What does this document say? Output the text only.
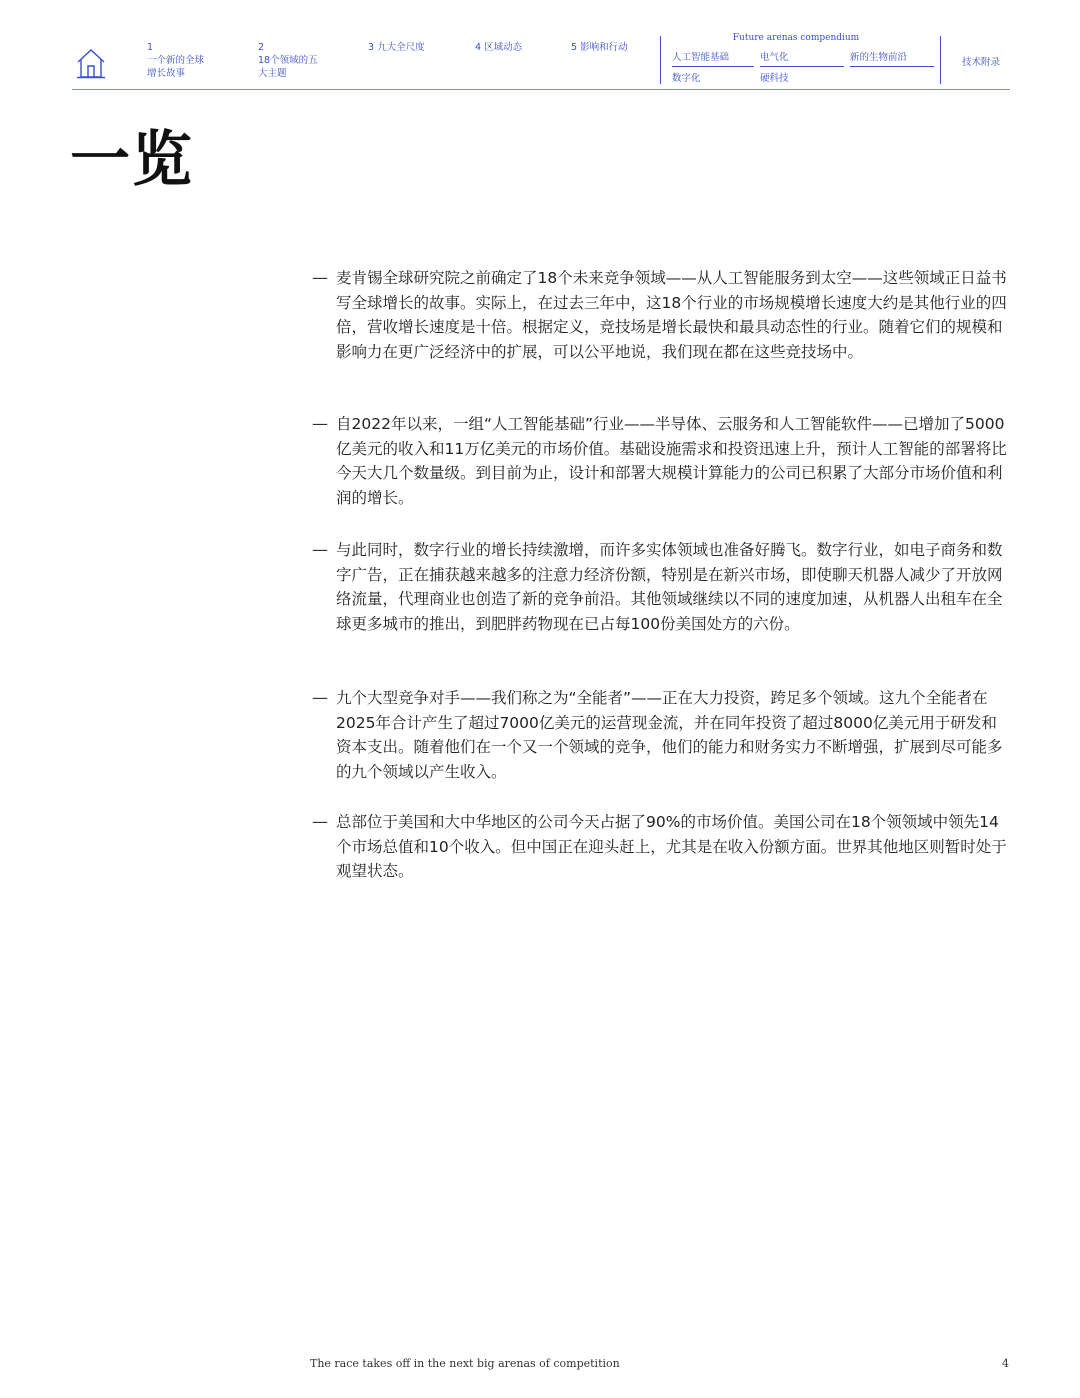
1
一个新的全球增长故事
2
18个领域的五大主题
3 九大全尺度	4 区域动态	5 影响和行动
Future arenas compendium
人工智能基础	电气化	新的生物前沿
数字化	硬科技
技术附录
一览
— 麦肯锡全球研究院之前确定了18个未来竞争领域——从人工智能服务到太空——这些领域正日益书写全球增长的故事。实际上，在过去三年中，这18个行业的市场规模增长速度大约是其他行业的四倍，营收增长速度是十倍。根据定义，竞技场是增长最快和最具动态性的行业。随着它们的规模和影响力在更广泛经济中的扩展，可以公平地说，我们现在都在这些竞技场中。
— 自2022年以来，一组“人工智能基础”行业——半导体、云服务和人工智能软件——已增加了5000亿美元的收入和11万亿美元的市场价值。基础设施需求和投资迅速上升，预计人工智能的部署将比今天大几个数量级。到目前为止，设计和部署大规模计算能力的公司已积累了大部分市场价值和利润的增长。
— 与此同时，数字行业的增长持续激增，而许多实体领域也准备好腾飞。数字行业，如电子商务和数字广告，正在捕获越来越多的注意力经济份额，特别是在新兴市场，即使聊天机器人减少了开放网络流量，代理商业也创造了新的竞争前沿。其他领域继续以不同的速度加速，从机器人出租车在全球更多城市的推出，到肥胖药物现在已占每100份美国处方的六份。
— 九个大型竞争对手——我们称之为“全能者”——正在大力投资，跨足多个领域。这九个全能者在2025年合计产生了超过7000亿美元的运营现金流，并在同年投资了超过8000亿美元用于研发和资本支出。随着他们在一个又一个领域的竞争，他们的能力和财务实力不断增强，扩展到尽可能多的九个领域以产生收入。
— 总部位于美国和大中华地区的公司今天占据了90%的市场价值。美国公司在18个领领域中领先14个市场总值和10个收入。但中国正在迎头赶上，尤其是在收入份额方面。世界其他地区则暂时处于观望状态。
The race takes off in the next big arenas of competition	4
